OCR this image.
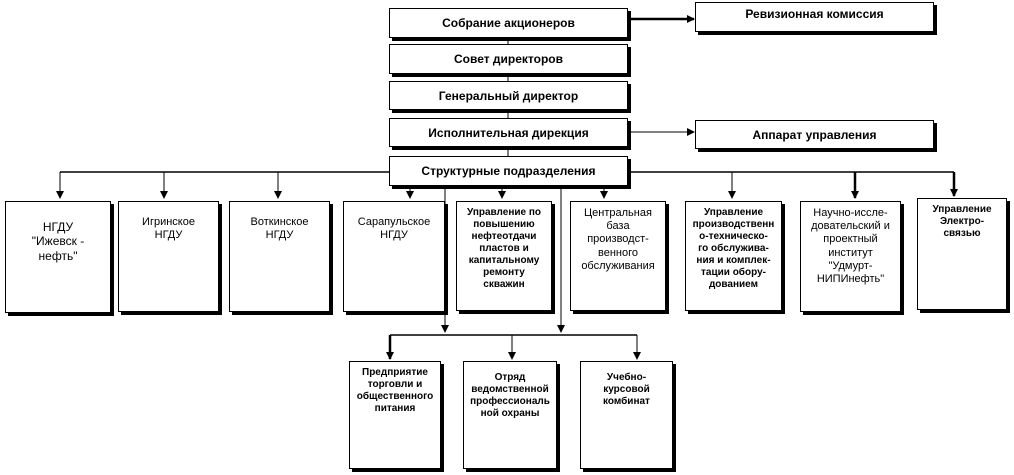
Собрание акционеров
Совет директоров
Генеральный директор
Исполнительная дирекция
Структурные подразделения
Ревизионная комиссия
Аппарат управления
НГДУ
"Ижевск -
нефть"
Игринское
НГДУ
Воткинское
НГДУ
Сарапульское
НГДУ
Управление по
повышению
нефтеотдачи
пластов и
капитальному
ремонту
скважин
Центральная
база
производст-
венного
обслуживания
Управление
производственн
о-техническо-
го обслужива-
ния и комплек-
тации обору-
дованием
Научно-иссле-
довательский и
проектный
институт
"Удмурт-
НИПИнефть"
Управление
Электро-
связью
Предприятие
торговли и
общественного
питания
Отряд
ведомственной
профессиональ
ной охраны
Учебно-
курсовой
комбинат
